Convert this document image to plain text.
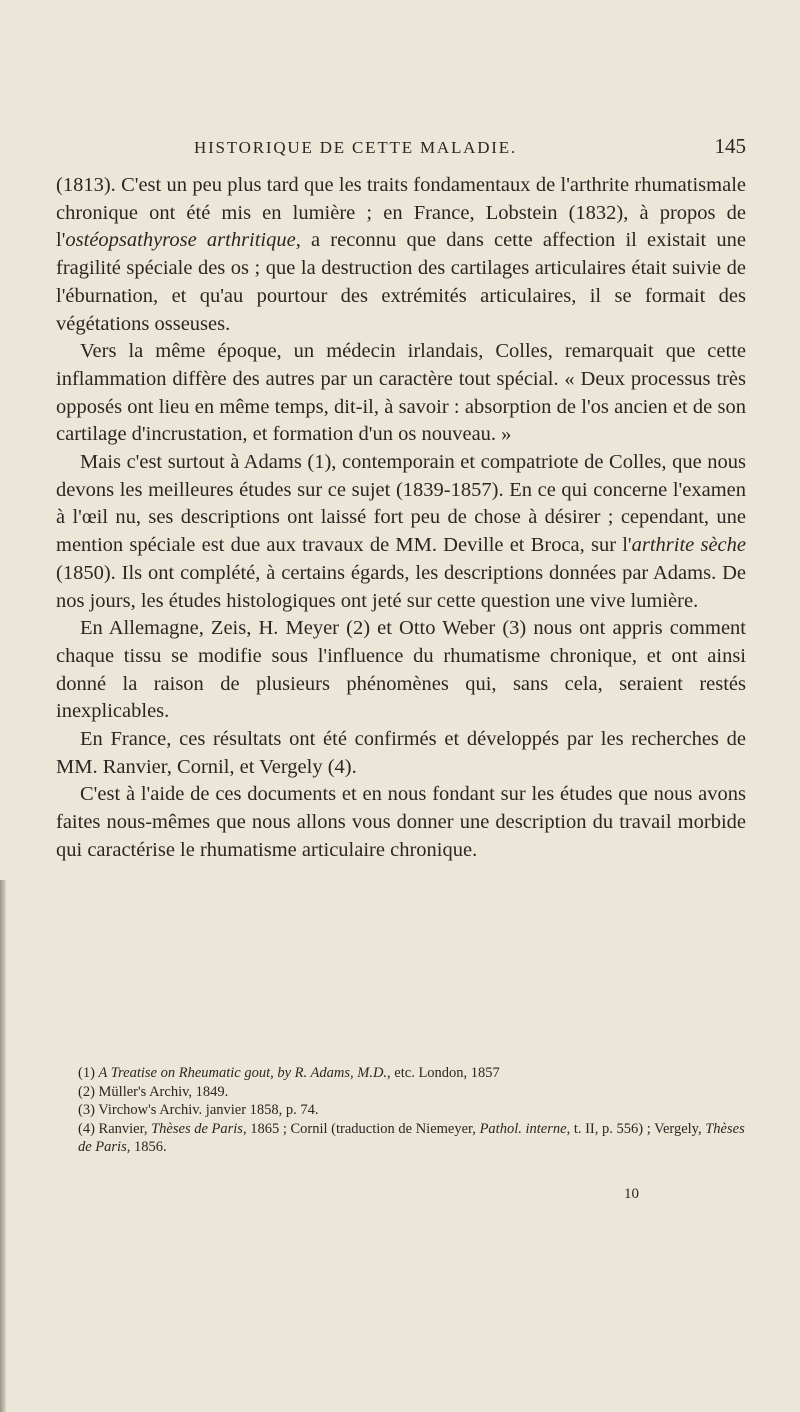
HISTORIQUE DE CETTE MALADIE.	145

(1813). C'est un peu plus tard que les traits fondamentaux de l'arthrite rhumatismale chronique ont été mis en lumière ; en France, Lobstein (1832), à propos de l'ostéopsathyrose arthritique, a reconnu que dans cette affection il existait une fragilité spéciale des os ; que la destruction des cartilages articulaires était suivie de l'éburnation, et qu'au pourtour des extrémités articulaires, il se formait des végétations osseuses.

Vers la même époque, un médecin irlandais, Colles, remarquait que cette inflammation diffère des autres par un caractère tout spécial. « Deux processus très opposés ont lieu en même temps, dit-il, à savoir : absorption de l'os ancien et de son cartilage d'incrustation, et formation d'un os nouveau. »

Mais c'est surtout à Adams (1), contemporain et compatriote de Colles, que nous devons les meilleures études sur ce sujet (1839-1857). En ce qui concerne l'examen à l'œil nu, ses descriptions ont laissé fort peu de chose à désirer ; cependant, une mention spéciale est due aux travaux de MM. Deville et Broca, sur l'arthrite sèche (1850). Ils ont complété, à certains égards, les descriptions données par Adams. De nos jours, les études histologiques ont jeté sur cette question une vive lumière.

En Allemagne, Zeis, H. Meyer (2) et Otto Weber (3) nous ont appris comment chaque tissu se modifie sous l'influence du rhumatisme chronique, et ont ainsi donné la raison de plusieurs phénomènes qui, sans cela, seraient restés inexplicables.

En France, ces résultats ont été confirmés et développés par les recherches de MM. Ranvier, Cornil, et Vergely (4).

C'est à l'aide de ces documents et en nous fondant sur les études que nous avons faites nous-mêmes que nous allons vous donner une description du travail morbide qui caractérise le rhumatisme articulaire chronique.

(1) A Treatise on Rheumatic gout, by R. Adams, M.D., etc. London, 1857

(2) Müller's Archiv, 1849.

(3) Virchow's Archiv. janvier 1858, p. 74.

(4) Ranvier, Thèses de Paris, 1865 ; Cornil (traduction de Niemeyer, Pathol. interne, t. II, p. 556) ; Vergely, Thèses de Paris, 1856.

10
